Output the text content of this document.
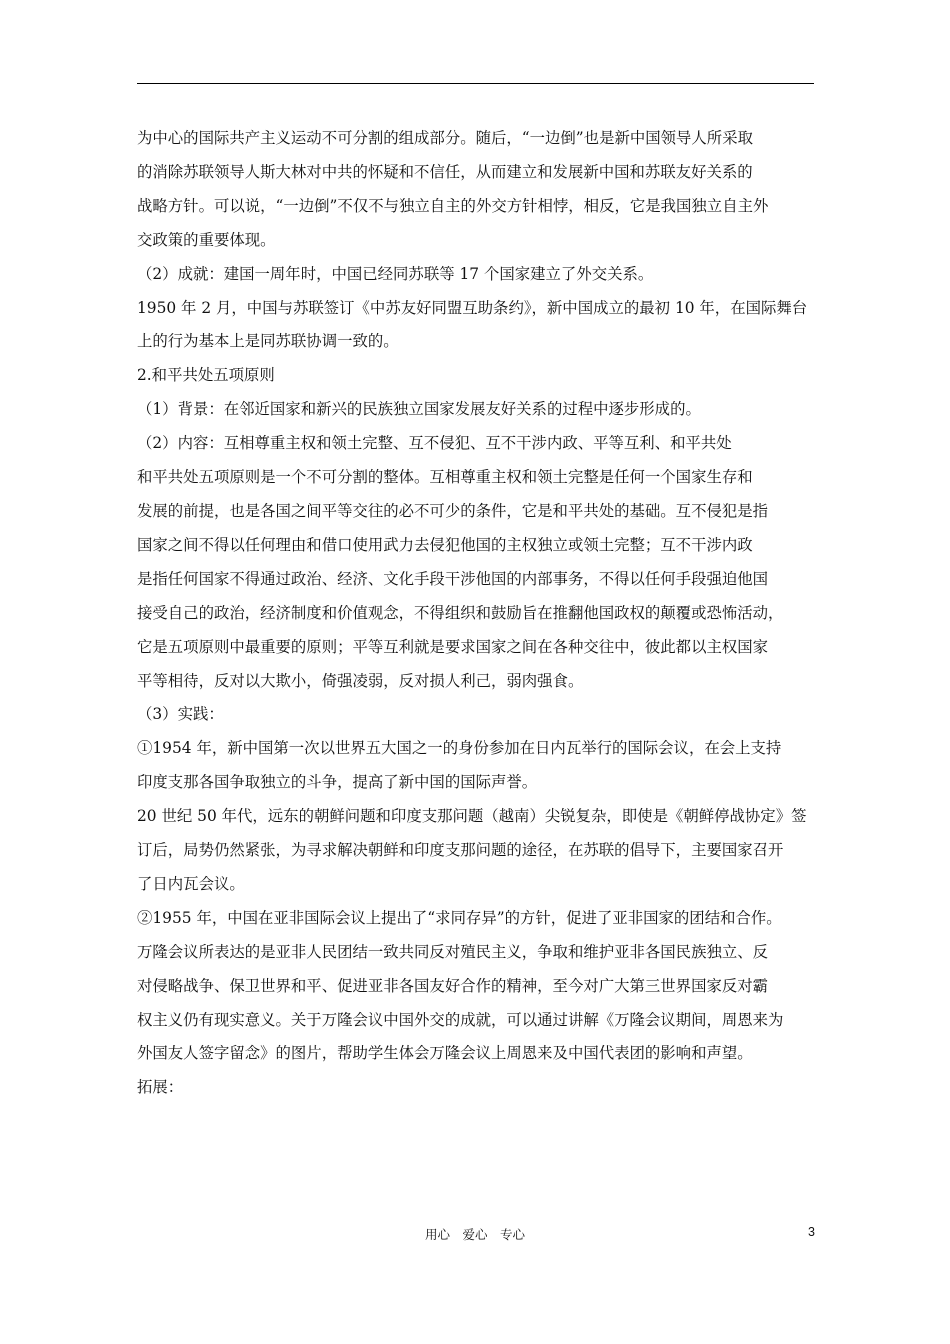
为中心的国际共产主义运动不可分割的组成部分。随后，“一边倒”也是新中国领导人所采取
的消除苏联领导人斯大林对中共的怀疑和不信任，从而建立和发展新中国和苏联友好关系的
战略方针。可以说，“一边倒”不仅不与独立自主的外交方针相悖，相反，它是我国独立自主外
交政策的重要体现。
（2）成就：建国一周年时，中国已经同苏联等 17 个国家建立了外交关系。
1950 年 2 月，中国与苏联签订《中苏友好同盟互助条约》，新中国成立的最初 10 年，在国际舞台
上的行为基本上是同苏联协调一致的。
2.和平共处五项原则
（1）背景：在邻近国家和新兴的民族独立国家发展友好关系的过程中逐步形成的。
（2）内容：互相尊重主权和领土完整、互不侵犯、互不干涉内政、平等互利、和平共处
和平共处五项原则是一个不可分割的整体。互相尊重主权和领土完整是任何一个国家生存和
发展的前提，也是各国之间平等交往的必不可少的条件，它是和平共处的基础。互不侵犯是指
国家之间不得以任何理由和借口使用武力去侵犯他国的主权独立或领土完整；互不干涉内政
是指任何国家不得通过政治、经济、文化手段干涉他国的内部事务，不得以任何手段强迫他国
接受自己的政治，经济制度和价值观念，不得组织和鼓励旨在推翻他国政权的颠覆或恐怖活动，
它是五项原则中最重要的原则；平等互利就是要求国家之间在各种交往中，彼此都以主权国家
平等相待，反对以大欺小，倚强凌弱，反对损人利己，弱肉强食。
（3）实践：
①1954 年，新中国第一次以世界五大国之一的身份参加在日内瓦举行的国际会议，在会上支持
印度支那各国争取独立的斗争，提高了新中国的国际声誉。
20 世纪 50 年代，远东的朝鲜问题和印度支那问题（越南）尖锐复杂，即使是《朝鲜停战协定》签
订后，局势仍然紧张，为寻求解决朝鲜和印度支那问题的途径，在苏联的倡导下，主要国家召开
了日内瓦会议。
②1955 年，中国在亚非国际会议上提出了“求同存异”的方针，促进了亚非国家的团结和合作。
万隆会议所表达的是亚非人民团结一致共同反对殖民主义，争取和维护亚非各国民族独立、反
对侵略战争、保卫世界和平、促进亚非各国友好合作的精神，至今对广大第三世界国家反对霸
权主义仍有现实意义。关于万隆会议中国外交的成就，可以通过讲解《万隆会议期间，周恩来为
外国友人签字留念》的图片，帮助学生体会万隆会议上周恩来及中国代表团的影响和声望。
拓展：
用心　爱心　专心	3
